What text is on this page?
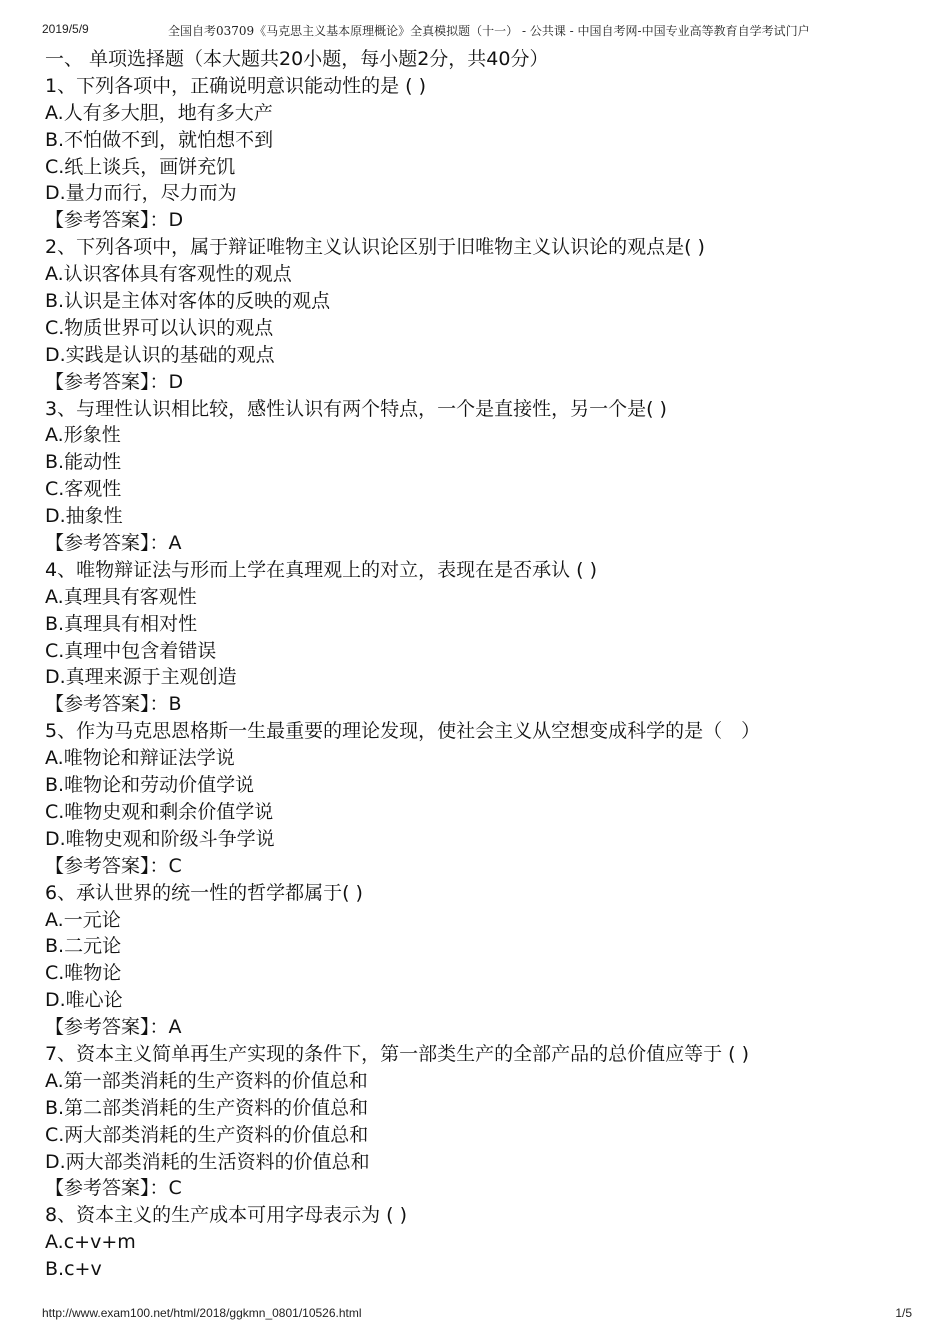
2019/5/9	全国自考03709《马克思主义基本原理概论》全真模拟题（十一） - 公共课 - 中国自考网-中国专业高等教育自学考试门户
一、 单项选择题（本大题共20小题，每小题2分，共40分）
1、下列各项中，正确说明意识能动性的是 ( )
A.人有多大胆，地有多大产
B.不怕做不到，就怕想不到
C.纸上谈兵，画饼充饥
D.量力而行，尽力而为
【参考答案】：D
2、下列各项中，属于辩证唯物主义认识论区别于旧唯物主义认识论的观点是( )
A.认识客体具有客观性的观点
B.认识是主体对客体的反映的观点
C.物质世界可以认识的观点
D.实践是认识的基础的观点
【参考答案】：D
3、与理性认识相比较，感性认识有两个特点，一个是直接性，另一个是( )
A.形象性
B.能动性
C.客观性
D.抽象性
【参考答案】：A
4、唯物辩证法与形而上学在真理观上的对立，表现在是否承认 ( )
A.真理具有客观性
B.真理具有相对性
C.真理中包含着错误
D.真理来源于主观创造
【参考答案】：B
5、作为马克思恩格斯一生最重要的理论发现，使社会主义从空想变成科学的是（　）
A.唯物论和辩证法学说
B.唯物论和劳动价值学说
C.唯物史观和剩余价值学说
D.唯物史观和阶级斗争学说
【参考答案】：C
6、承认世界的统一性的哲学都属于( )
A.一元论
B.二元论
C.唯物论
D.唯心论
【参考答案】：A
7、资本主义简单再生产实现的条件下，第一部类生产的全部产品的总价值应等于 ( )
A.第一部类消耗的生产资料的价值总和
B.第二部类消耗的生产资料的价值总和
C.两大部类消耗的生产资料的价值总和
D.两大部类消耗的生活资料的价值总和
【参考答案】：C
8、资本主义的生产成本可用字母表示为 ( )
A.c+v+m
B.c+v
http://www.exam100.net/html/2018/ggkmn_0801/10526.html	1/5
